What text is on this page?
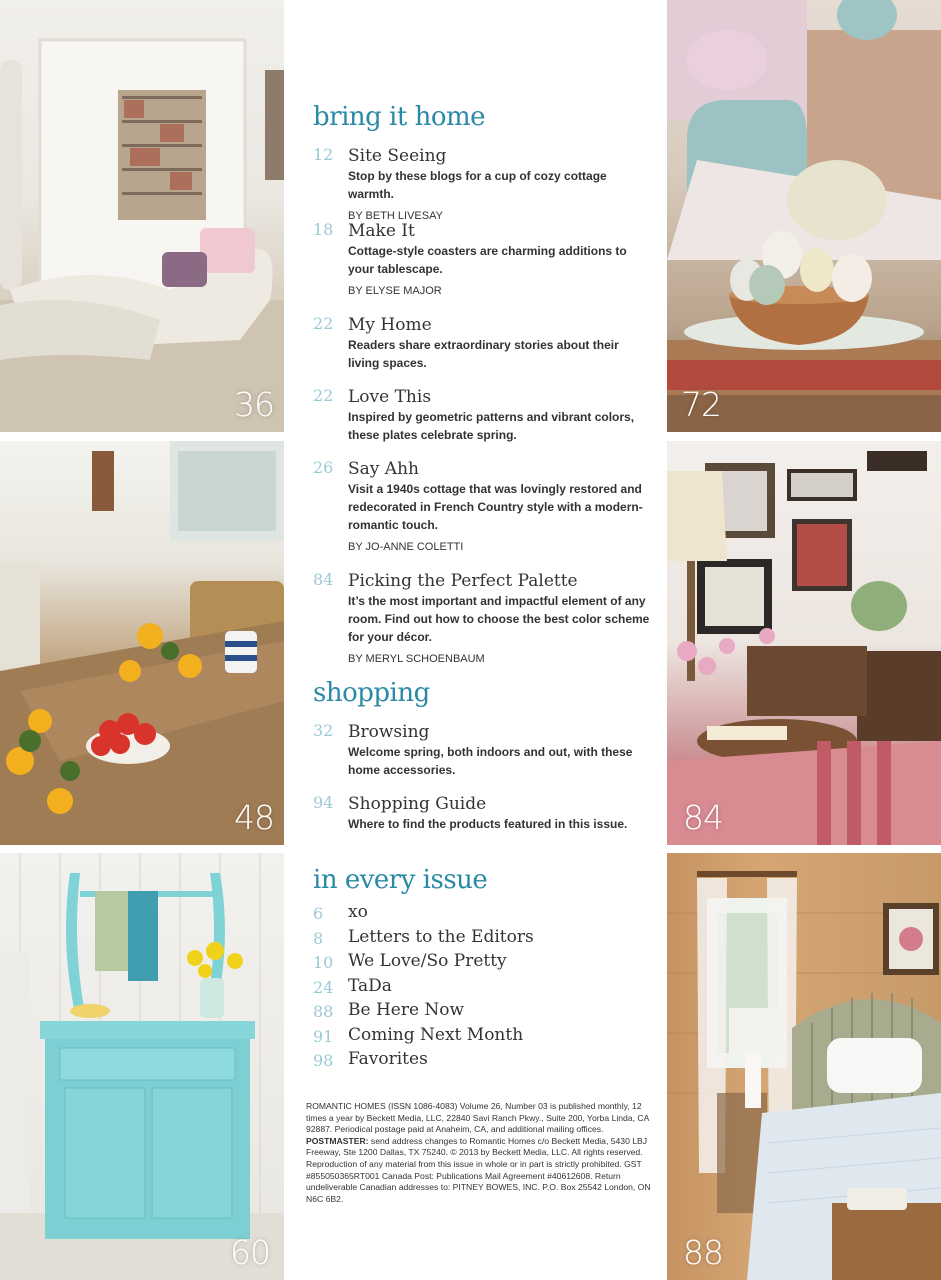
36
48
60
72
84
88
bring it home
12 Site Seeing
Stop by these blogs for a cup of cozy cottage warmth.
BY BETH LIVESAY
18 Make It
Cottage-style coasters are charming additions to your tablescape.
BY ELYSE MAJOR
22 My Home
Readers share extraordinary stories about their living spaces.
22 Love This
Inspired by geometric patterns and vibrant colors, these plates celebrate spring.
26 Say Ahh
Visit a 1940s cottage that was lovingly restored and redecorated in French Country style with a modern-romantic touch.
BY JO-ANNE COLETTI
84 Picking the Perfect Palette
It’s the most important and impactful element of any room. Find out how to choose the best color scheme for your décor.
BY MERYL SCHOENBAUM
shopping
32 Browsing
Welcome spring, both indoors and out, with these home accessories.
94 Shopping Guide
Where to find the products featured in this issue.
in every issue
6 xo
8 Letters to the Editors
10 We Love/So Pretty
24 TaDa
88 Be Here Now
91 Coming Next Month
98 Favorites
ROMANTIC HOMES (ISSN 1086-4083) Volume 26, Number 03 is published monthly, 12 times a year by Beckett Media, LLC, 22840 Savi Ranch Pkwy., Suite 200, Yorba Linda, CA 92887. Periodical postage paid at Anaheim, CA, and additional mailing offices. POSTMASTER: send address changes to Romantic Homes c/o Beckett Media, 5430 LBJ Freeway, Ste 1200 Dallas, TX 75240. © 2013 by Beckett Media, LLC. All rights reserved. Reproduction of any material from this issue in whole or in part is strictly prohibited. GST #855050365RT001 Canada Post: Publications Mail Agreement #40612608. Return undeliverable Canadian addresses to: PITNEY BOWES, INC. P.O. Box 25542 London, ON N6C 6B2.
